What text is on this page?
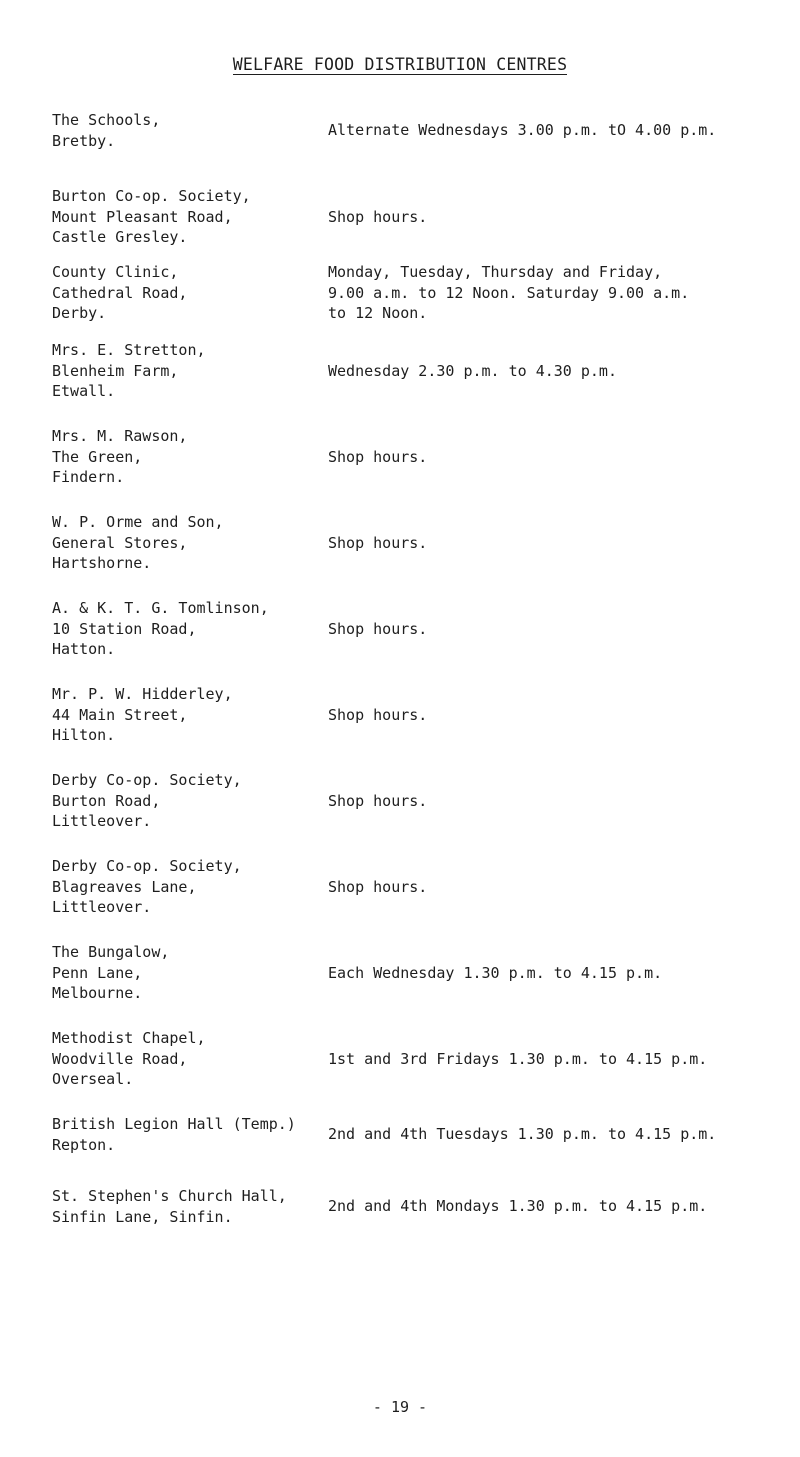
WELFARE FOOD DISTRIBUTION CENTRES
The Schools,
Bretby.
Alternate Wednesdays 3.00 p.m. tO 4.00 p.m.
Burton Co-op. Society,
Mount Pleasant Road,
Castle Gresley.
Shop hours.
County Clinic,
Cathedral Road,
Derby.
Monday, Tuesday, Thursday and Friday,
9.00 a.m. to 12 Noon. Saturday 9.00 a.m.
to 12 Noon.
Mrs. E. Stretton,
Blenheim Farm,
Etwall.
Wednesday 2.30 p.m. to 4.30 p.m.
Mrs. M. Rawson,
The Green,
Findern.
Shop hours.
W. P. Orme and Son,
General Stores,
Hartshorne.
Shop hours.
A. & K. T. G. Tomlinson,
10 Station Road,
Hatton.
Shop hours.
Mr. P. W. Hidderley,
44 Main Street,
Hilton.
Shop hours.
Derby Co-op. Society,
Burton Road,
Littleover.
Shop hours.
Derby Co-op. Society,
Blagreaves Lane,
Littleover.
Shop hours.
The Bungalow,
Penn Lane,
Melbourne.
Each Wednesday 1.30 p.m. to 4.15 p.m.
Methodist Chapel,
Woodville Road,
Overseal.
1st and 3rd Fridays 1.30 p.m. to 4.15 p.m.
British Legion Hall (Temp.)
Repton.
2nd and 4th Tuesdays 1.30 p.m. to 4.15 p.m.
St. Stephen's Church Hall,
Sinfin Lane, Sinfin.
2nd and 4th Mondays 1.30 p.m. to 4.15 p.m.
- 19 -
